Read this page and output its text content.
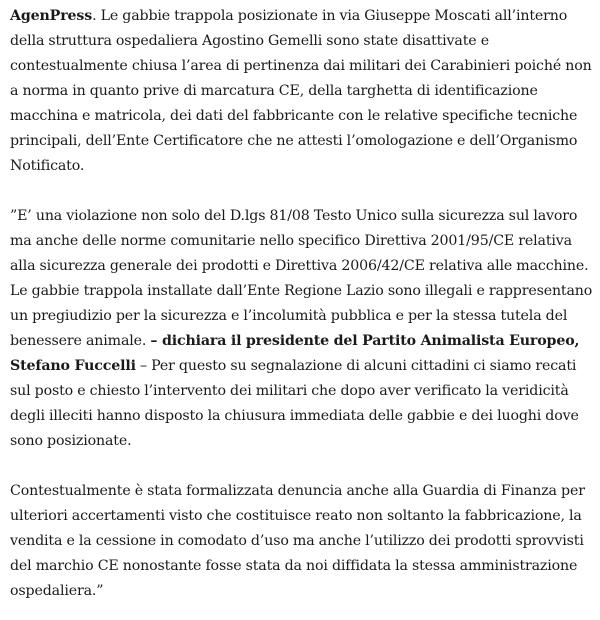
AgenPress. Le gabbie trappola posizionate in via Giuseppe Moscati all’interno della struttura ospedaliera Agostino Gemelli sono state disattivate e contestualmente chiusa l’area di pertinenza dai militari dei Carabinieri poiché non a norma in quanto prive di marcatura CE, della targhetta di identificazione macchina e matricola, dei dati del fabbricante con le relative specifiche tecniche principali, dell’Ente Certificatore che ne attesti l’omologazione e dell’Organismo Notificato.

”E’ una violazione non solo del D.lgs 81/08 Testo Unico sulla sicurezza sul lavoro ma anche delle norme comunitarie nello specifico Direttiva 2001/95/CE relativa alla sicurezza generale dei prodotti e Direttiva 2006/42/CE relativa alle macchine. Le gabbie trappola installate dall’Ente Regione Lazio sono illegali e rappresentano un pregiudizio per la sicurezza e l’incolumità pubblica e per la stessa tutela del benessere animale. – dichiara il presidente del Partito Animalista Europeo, Stefano Fuccelli – Per questo su segnalazione di alcuni cittadini ci siamo recati sul posto e chiesto l’intervento dei militari che dopo aver verificato la veridicità degli illeciti hanno disposto la chiusura immediata delle gabbie e dei luoghi dove sono posizionate.

Contestualmente è stata formalizzata denuncia anche alla Guardia di Finanza per ulteriori accertamenti visto che costituisce reato non soltanto la fabbricazione, la vendita e la cessione in comodato d’uso ma anche l’utilizzo dei prodotti sprovvisti del marchio CE nonostante fosse stata da noi diffidata la stessa amministrazione ospedaliera.”
